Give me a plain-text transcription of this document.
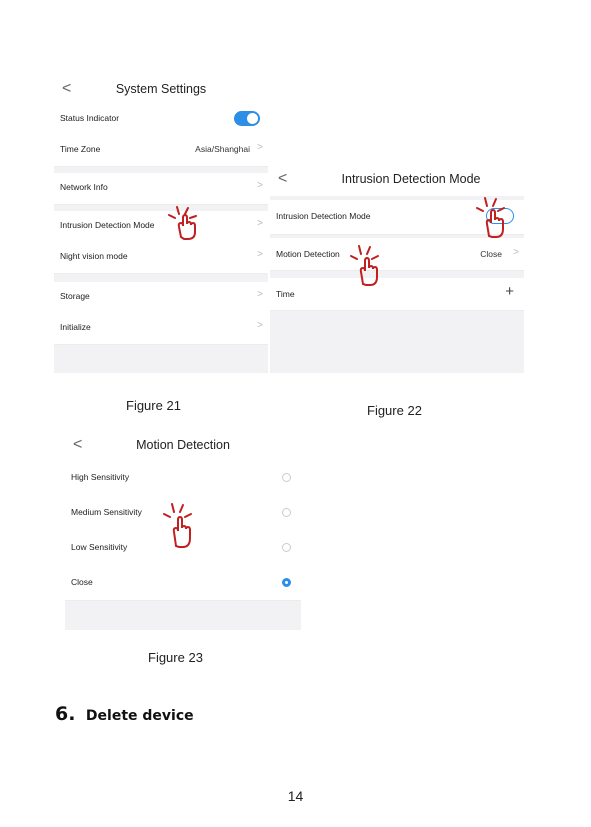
<	System Settings
Status Indicator
Time Zone	Asia/Shanghai >
Network Info	>
Intrusion Detection Mode	>
Night vision mode	>
Storage	>
Initialize	>
<	Intrusion Detection Mode
Intrusion Detection Mode
Motion Detection	Close >
Time	+
Figure 21	Figure 22
<	Motion Detection
High Sensitivity
Medium Sensitivity
Low Sensitivity
Close
Figure 23
6. Delete device
14
